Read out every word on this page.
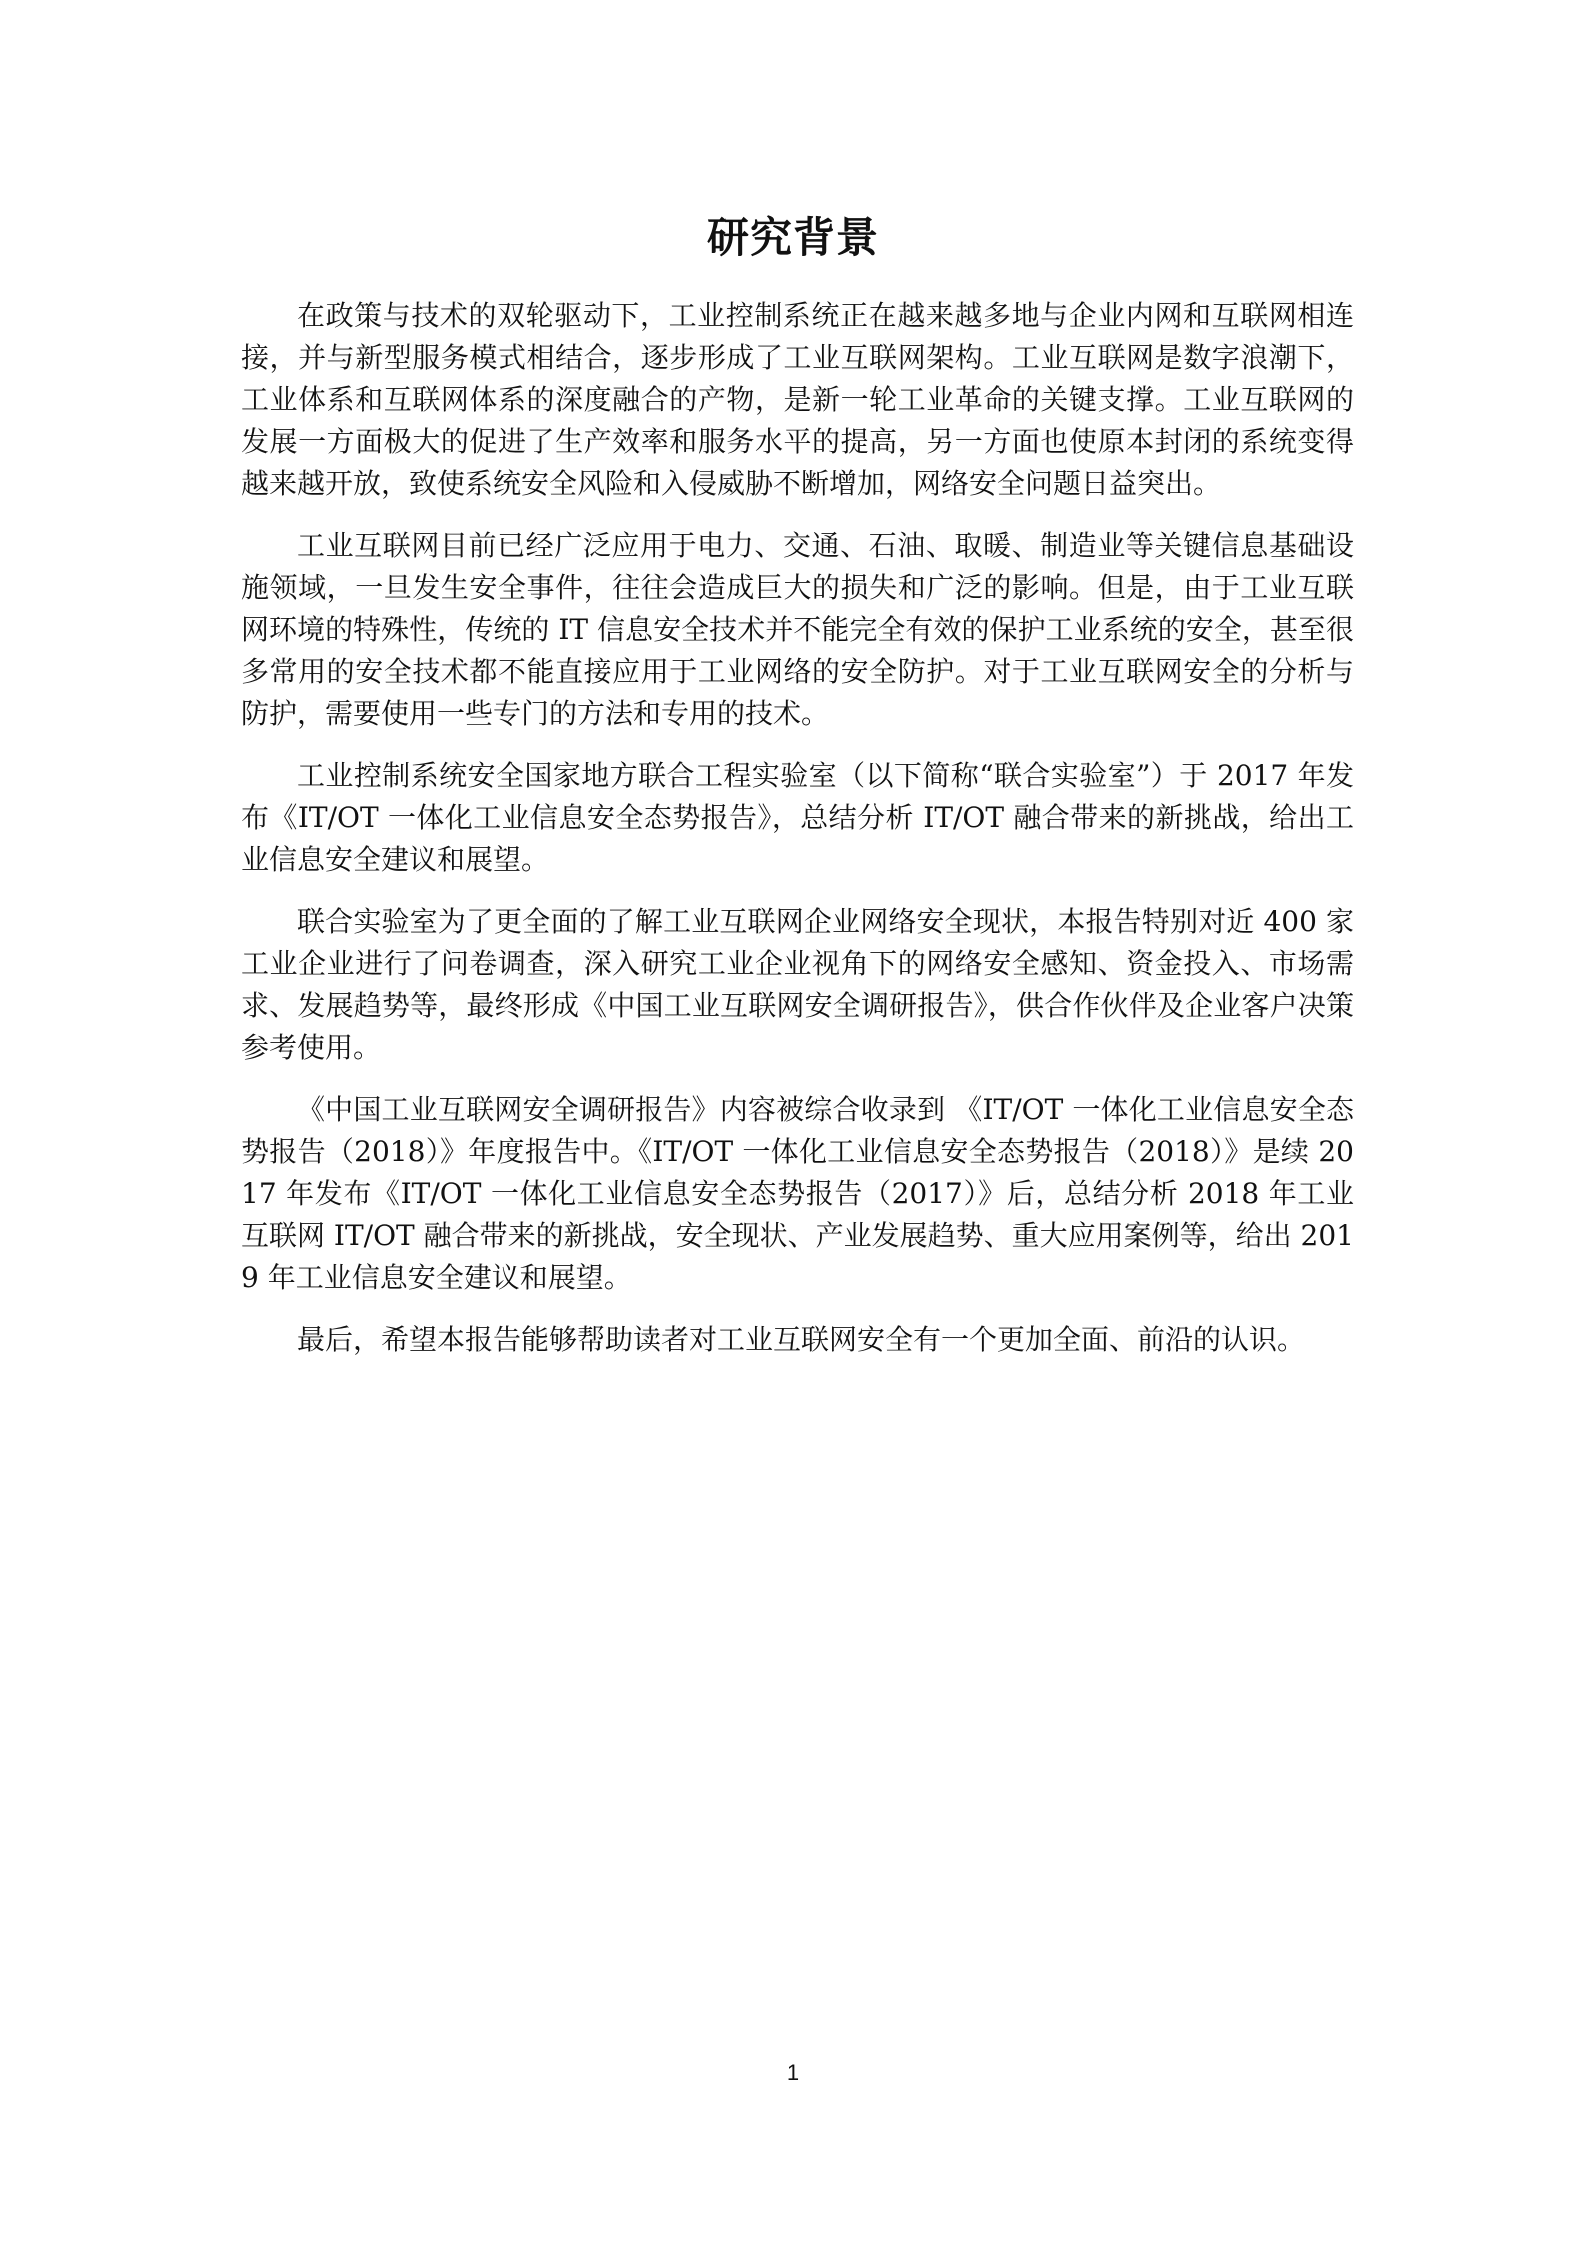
研究背景

在政策与技术的双轮驱动下，工业控制系统正在越来越多地与企业内网和互联网相连接，并与新型服务模式相结合，逐步形成了工业互联网架构。工业互联网是数字浪潮下，工业体系和互联网体系的深度融合的产物，是新一轮工业革命的关键支撑。工业互联网的发展一方面极大的促进了生产效率和服务水平的提高，另一方面也使原本封闭的系统变得越来越开放，致使系统安全风险和入侵威胁不断增加，网络安全问题日益突出。

工业互联网目前已经广泛应用于电力、交通、石油、取暖、制造业等关键信息基础设施领域，一旦发生安全事件，往往会造成巨大的损失和广泛的影响。但是，由于工业互联网环境的特殊性，传统的 IT 信息安全技术并不能完全有效的保护工业系统的安全，甚至很多常用的安全技术都不能直接应用于工业网络的安全防护。对于工业互联网安全的分析与防护，需要使用一些专门的方法和专用的技术。

工业控制系统安全国家地方联合工程实验室（以下简称“联合实验室”）于 2017 年发布《IT/OT 一体化工业信息安全态势报告》，总结分析 IT/OT 融合带来的新挑战，给出工业信息安全建议和展望。

联合实验室为了更全面的了解工业互联网企业网络安全现状，本报告特别对近 400 家工业企业进行了问卷调查，深入研究工业企业视角下的网络安全感知、资金投入、市场需求、发展趋势等，最终形成《中国工业互联网安全调研报告》，供合作伙伴及企业客户决策参考使用。

《中国工业互联网安全调研报告》内容被综合收录到 《IT/OT 一体化工业信息安全态势报告（2018）》年度报告中。《IT/OT 一体化工业信息安全态势报告（2018）》是续 2017 年发布《IT/OT 一体化工业信息安全态势报告（2017）》后，总结分析 2018 年工业互联网 IT/OT 融合带来的新挑战，安全现状、产业发展趋势、重大应用案例等，给出 2019 年工业信息安全建议和展望。

最后，希望本报告能够帮助读者对工业互联网安全有一个更加全面、前沿的认识。

1
